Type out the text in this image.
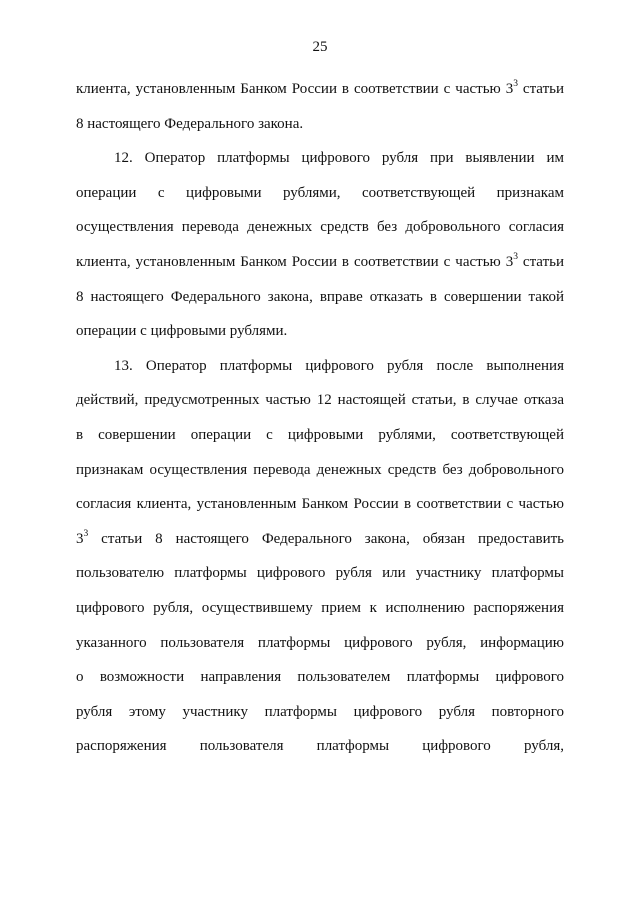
25
клиента, установленным Банком России в соответствии с частью $3^3$ статьи
8 настоящего Федерального закона.
12. Оператор платформы цифрового рубля при выявлении им
операции с цифровыми рублями, соответствующей признакам
осуществления перевода денежных средств без добровольного согласия
клиента, установленным Банком России в соответствии с частью $3^3$ статьи
8 настоящего Федерального закона, вправе отказать в совершении такой
операции с цифровыми рублями.
13. Оператор платформы цифрового рубля после выполнения
действий, предусмотренных частью 12 настоящей статьи, в случае отказа
в совершении операции с цифровыми рублями, соответствующей
признакам осуществления перевода денежных средств без добровольного
согласия клиента, установленным Банком России в соответствии с частью
$3^3$ статьи 8 настоящего Федерального закона, обязан предоставить
пользователю платформы цифрового рубля или участнику платформы
цифрового рубля, осуществившему прием к исполнению распоряжения
указанного пользователя платформы цифрового рубля, информацию
о возможности направления пользователем платформы цифрового
рубля этому участнику платформы цифрового рубля повторного
распоряжения пользователя платформы цифрового рубля,
